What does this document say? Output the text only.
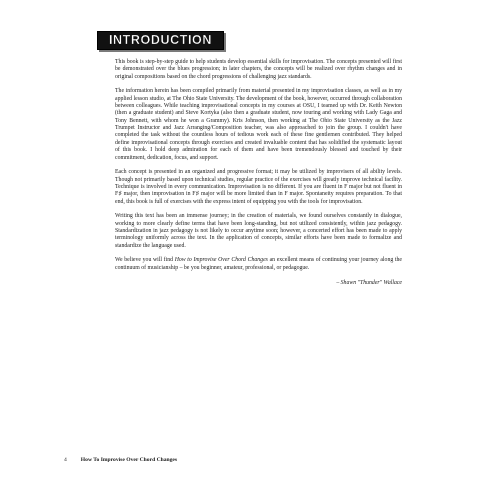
INTRODUCTION

This book is step-by-step guide to help students develop essential skills for improvisation. The concepts presented will first be demonstrated over the blues progression; in later chapters, the concepts will be realized over rhythm changes and in original compositions based on the chord progressions of challenging jazz standards.

The information herein has been compiled primarily from material presented in my improvisation classes, as well as in my applied lesson studio, at The Ohio State University. The development of the book, however, occurred through collaboration between colleagues. While teaching improvisational concepts in my courses at OSU, I teamed up with Dr. Keith Newton (then a graduate student) and Steve Kortyka (also then a graduate student, now touring and working with Lady Gaga and Tony Bennett, with whom he won a Grammy). Kris Johnson, then working at The Ohio State University as the Jazz Trumpet Instructor and Jazz Arranging/Composition teacher, was also approached to join the group. I couldn't have completed the task without the countless hours of tedious work each of these fine gentlemen contributed. They helped define improvisational concepts through exercises and created invaluable content that has solidified the systematic layout of this book. I hold deep admiration for each of them and have been tremendously blessed and touched by their commitment, dedication, focus, and support.

Each concept is presented in an organized and progressive format; it may be utilized by improvisers of all ability levels. Though not primarily based upon technical studies, regular practice of the exercises will greatly improve technical facility. Technique is involved in every communication. Improvisation is no different. If you are fluent in F major but not fluent in F♯ major, then improvisation in F♯ major will be more limited than in F major. Spontaneity requires preparation. To that end, this book is full of exercises with the express intent of equipping you with the tools for improvisation.

Writing this text has been an immense journey; in the creation of materials, we found ourselves constantly in dialogue, working to more clearly define terms that have been long-standing, but not utilized consistently, within jazz pedagogy. Standardization in jazz pedagogy is not likely to occur anytime soon; however, a concerted effort has been made to apply terminology uniformly across the text. In the application of concepts, similar efforts have been made to formalize and standardize the language used.

We believe you will find How to Improvise Over Chord Changes an excellent means of continuing your journey along the continuum of musicianship – be you beginner, amateur, professional, or pedagogue.

– Shawn "Thunder" Wallace
4	How To Improvise Over Chord Changes
